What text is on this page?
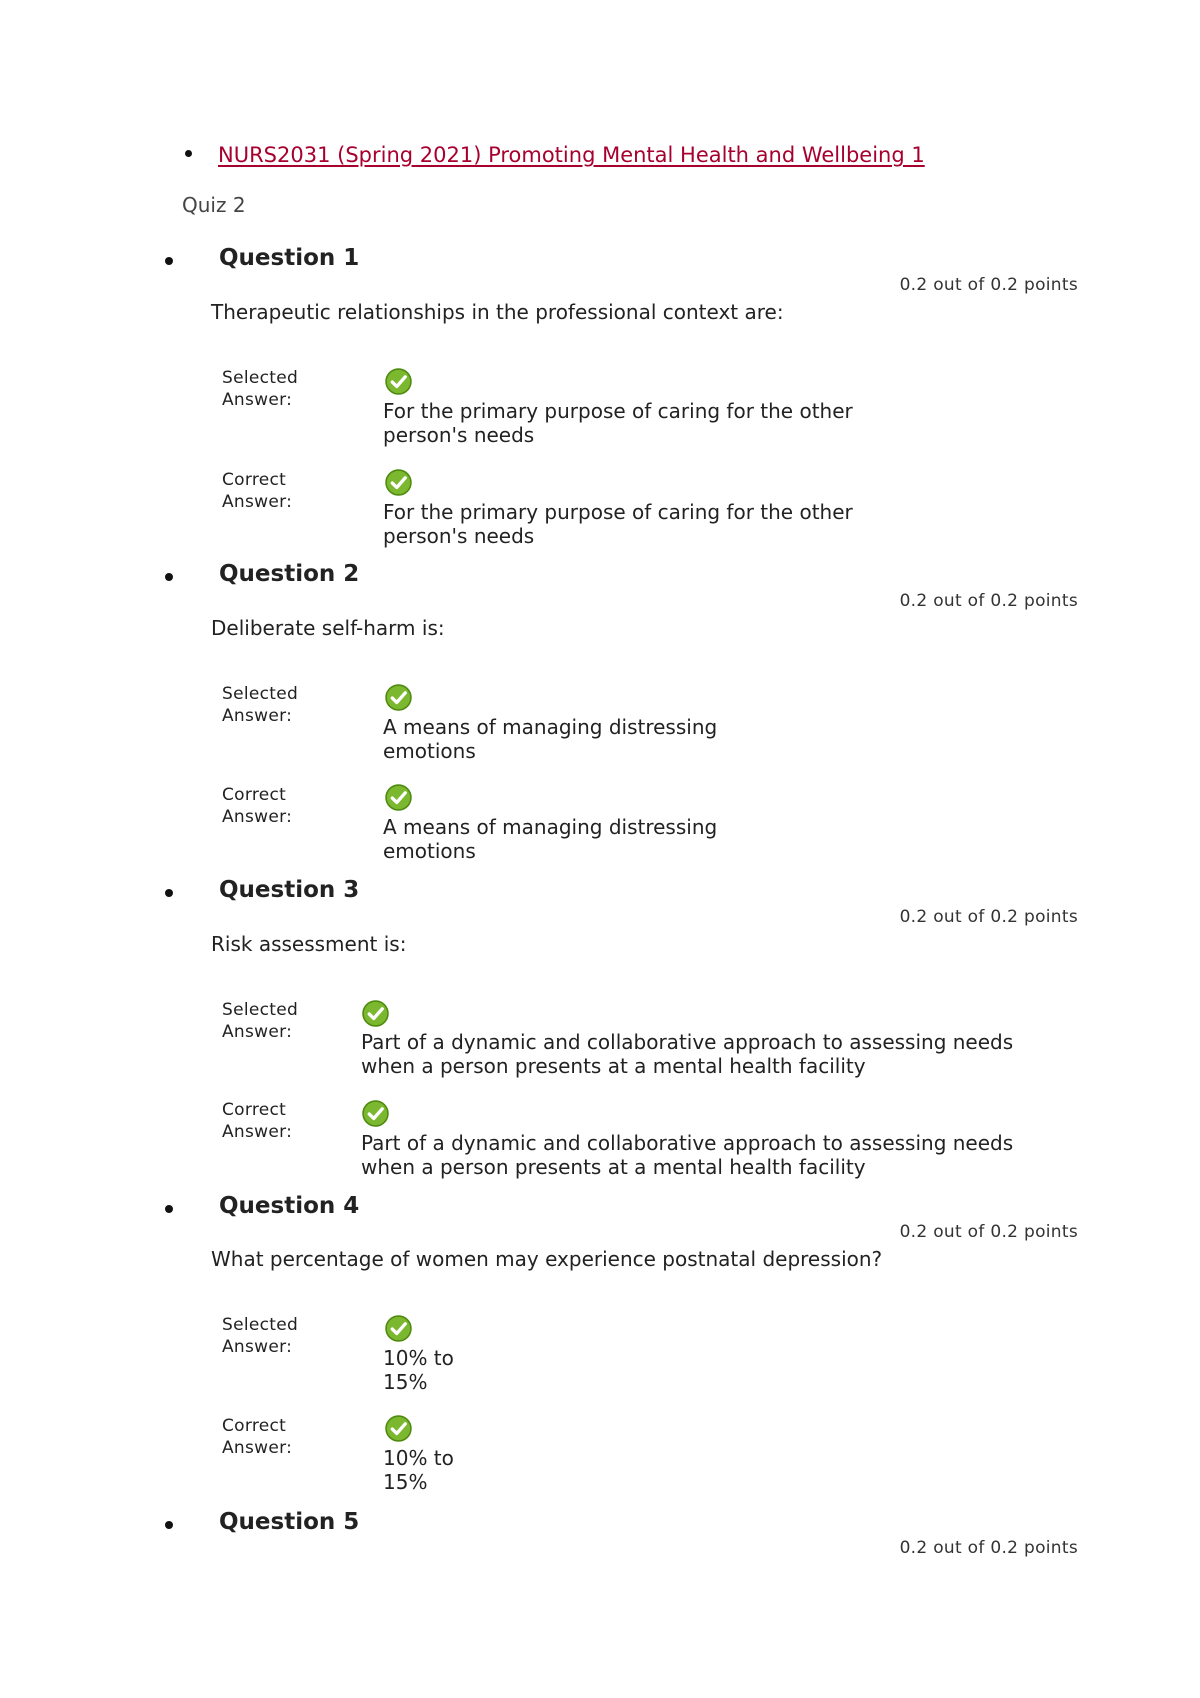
NURS2031 (Spring 2021) Promoting Mental Health and Wellbeing 1
Quiz 2
Question 1
0.2 out of 0.2 points
Therapeutic relationships in the professional context are:
Selected
Answer:	For the primary purpose of caring for the other
person's needs
Correct
Answer:	For the primary purpose of caring for the other
person's needs
Question 2
0.2 out of 0.2 points
Deliberate self-harm is:
Selected
Answer:	A means of managing distressing
emotions
Correct
Answer:	A means of managing distressing
emotions
Question 3
0.2 out of 0.2 points
Risk assessment is:
Selected
Answer:	Part of a dynamic and collaborative approach to assessing needs
when a person presents at a mental health facility
Correct
Answer:	Part of a dynamic and collaborative approach to assessing needs
when a person presents at a mental health facility
Question 4
0.2 out of 0.2 points
What percentage of women may experience postnatal depression?
Selected
Answer:	10% to
15%
Correct
Answer:	10% to
15%
Question 5
0.2 out of 0.2 points
